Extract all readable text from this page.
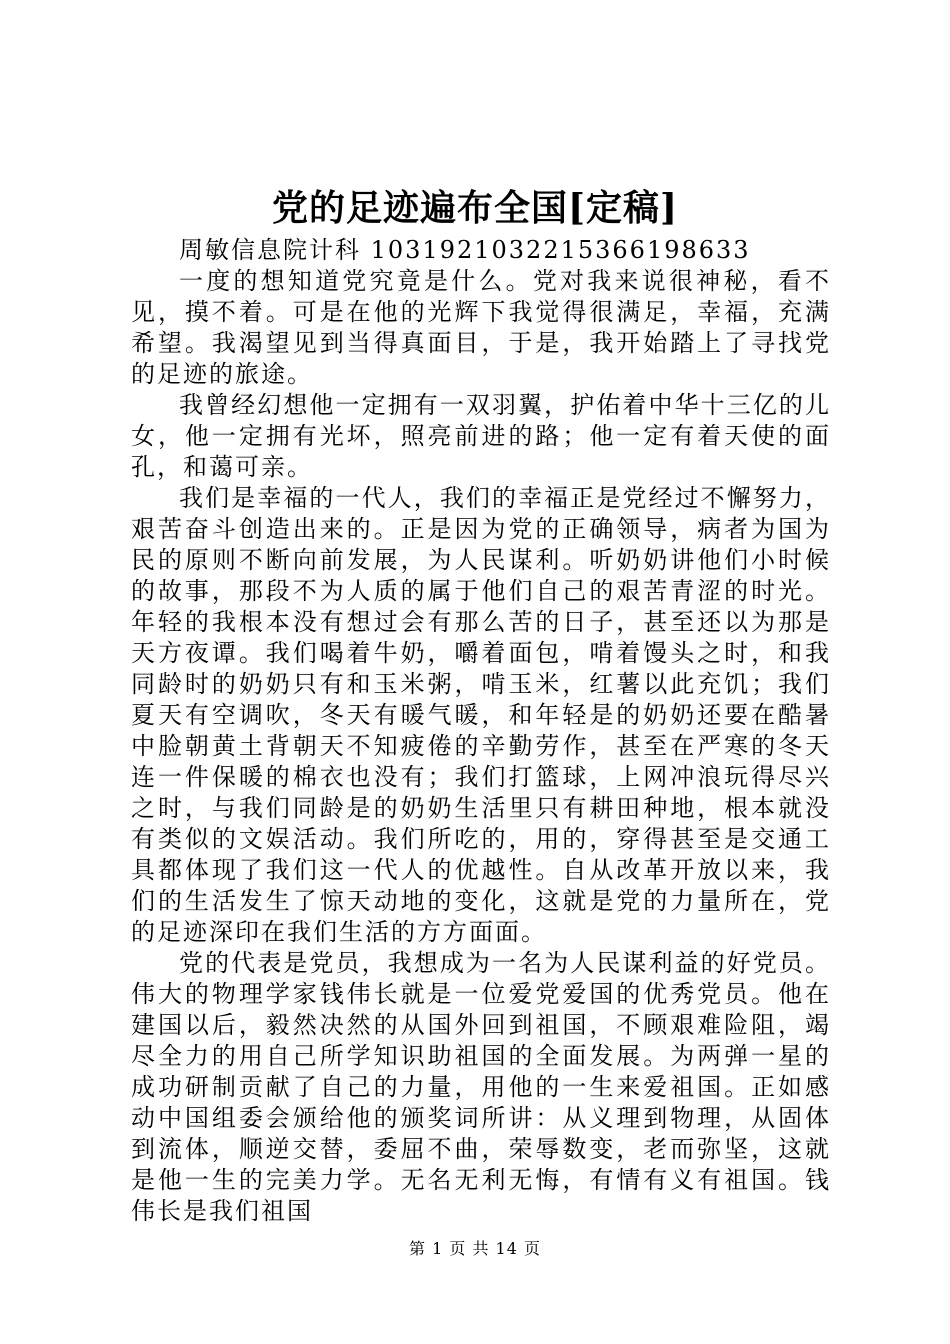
党的足迹遍布全国[定稿]

周敏信息院计科 1031921032215366198633

一度的想知道党究竟是什么。党对我来说很神秘，看不见，摸不着。可是在他的光辉下我觉得很满足，幸福，充满希望。我渴望见到当得真面目，于是，我开始踏上了寻找党的足迹的旅途。

我曾经幻想他一定拥有一双羽翼，护佑着中华十三亿的儿女，他一定拥有光坏，照亮前进的路；他一定有着天使的面孔，和蔼可亲。

我们是幸福的一代人，我们的幸福正是党经过不懈努力，艰苦奋斗创造出来的。正是因为党的正确领导，病者为国为民的原则不断向前发展，为人民谋利。听奶奶讲他们小时候的故事，那段不为人质的属于他们自己的艰苦青涩的时光。年轻的我根本没有想过会有那么苦的日子，甚至还以为那是天方夜谭。我们喝着牛奶，嚼着面包，啃着馒头之时，和我同龄时的奶奶只有和玉米粥，啃玉米，红薯以此充饥；我们夏天有空调吹，冬天有暖气暖，和年轻是的奶奶还要在酷暑中脸朝黄土背朝天不知疲倦的辛勤劳作，甚至在严寒的冬天连一件保暖的棉衣也没有；我们打篮球，上网冲浪玩得尽兴之时，与我们同龄是的奶奶生活里只有耕田种地，根本就没有类似的文娱活动。我们所吃的，用的，穿得甚至是交通工具都体现了我们这一代人的优越性。自从改革开放以来，我们的生活发生了惊天动地的变化，这就是党的力量所在，党的足迹深印在我们生活的方方面面。

党的代表是党员，我想成为一名为人民谋利益的好党员。伟大的物理学家钱伟长就是一位爱党爱国的优秀党员。他在建国以后，毅然决然的从国外回到祖国，不顾艰难险阻，竭尽全力的用自己所学知识助祖国的全面发展。为两弹一星的成功研制贡献了自己的力量，用他的一生来爱祖国。正如感动中国组委会颁给他的颁奖词所讲：从义理到物理，从固体到流体，顺逆交替，委屈不曲，荣辱数变，老而弥坚，这就是他一生的完美力学。无名无利无悔，有情有义有祖国。钱伟长是我们祖国

第 1 页 共 14 页
